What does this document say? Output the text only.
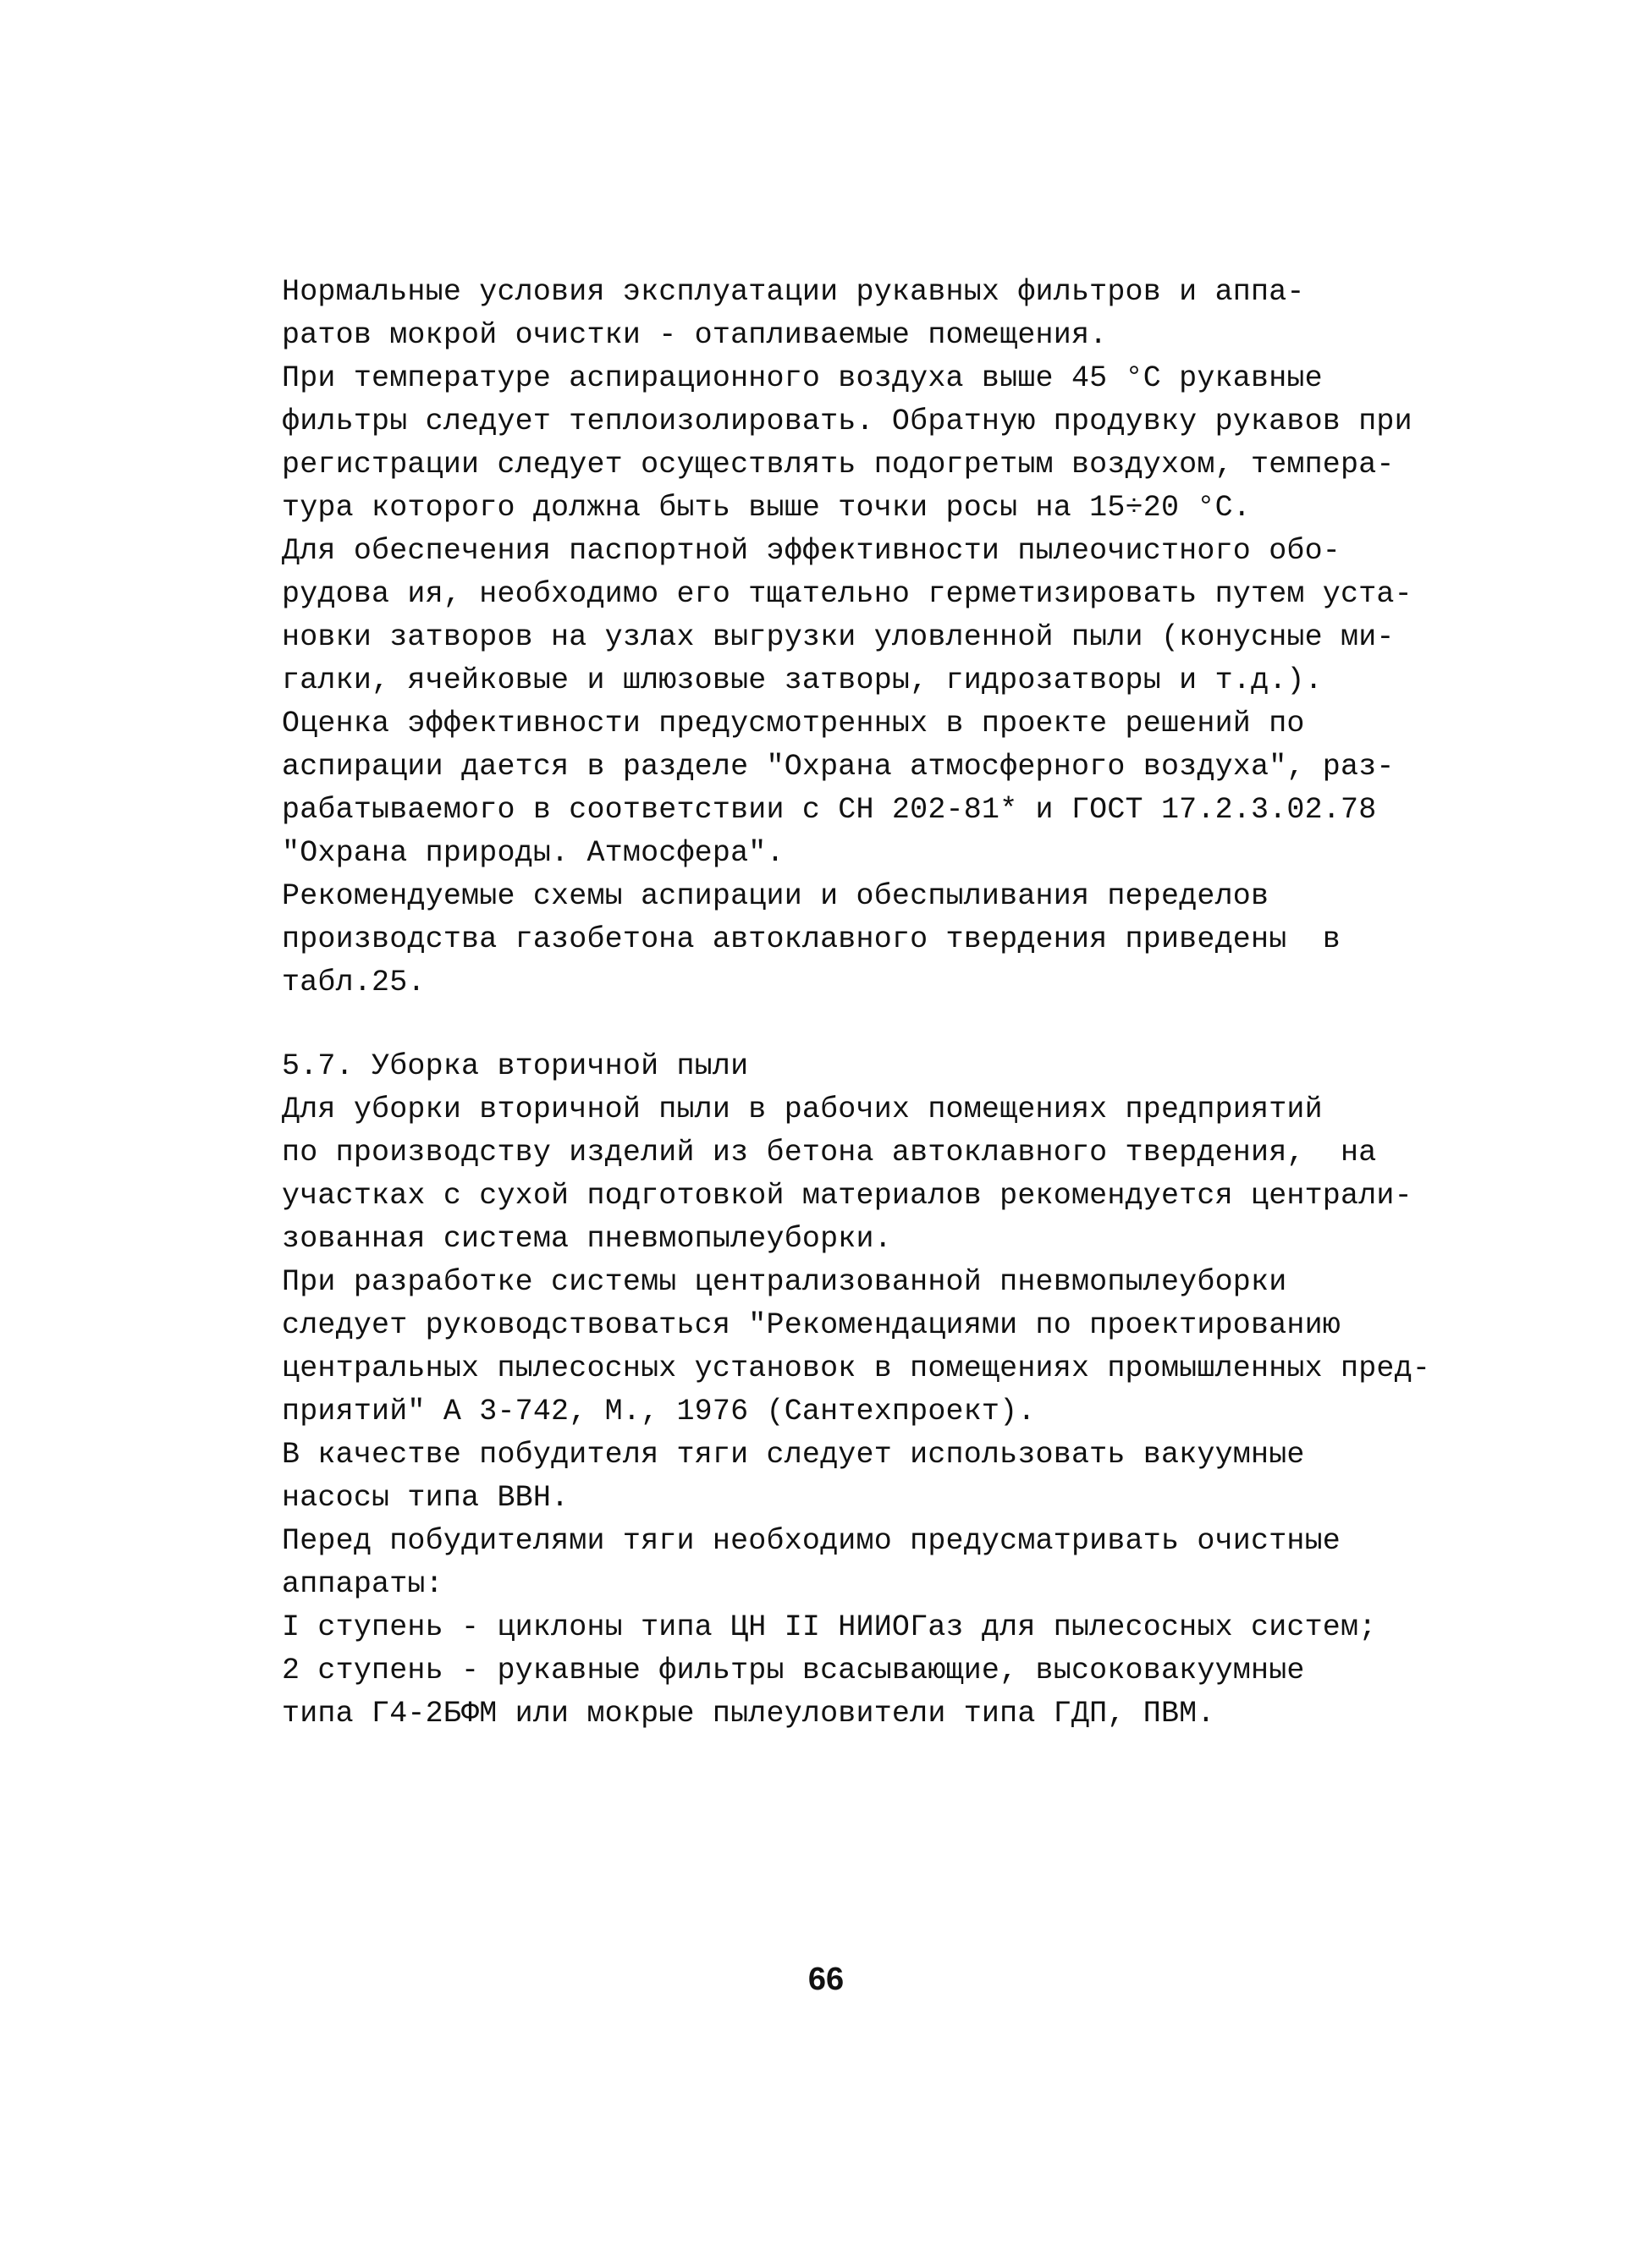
Нормальные условия эксплуатации рукавных фильтров и аппа-
ратов мокрой очистки - отапливаемые помещения.
При температуре аспирационного воздуха выше 45 °С рукавные
фильтры следует теплоизолировать. Обратную продувку рукавов при
регистрации следует осуществлять подогретым воздухом, темпера-
тура которого должна быть выше точки росы на 15÷20 °С.
Для обеспечения паспортной эффективности пылеочистного обо-
рудова ия, необходимо его тщательно герметизировать путем уста-
новки затворов на узлах выгрузки уловленной пыли (конусные ми-
галки, ячейковые и шлюзовые затворы, гидрозатворы и т.д.).
Оценка эффективности предусмотренных в проекте решений по
аспирации дается в разделе "Охрана атмосферного воздуха", раз-
рабатываемого в соответствии с СН 202-81* и ГОСТ 17.2.3.02.78
"Охрана природы. Атмосфера".
Рекомендуемые схемы аспирации и обеспыливания переделов
производства газобетона автоклавного твердения приведены  в
табл.25.
5.7. Уборка вторичной пыли
Для уборки вторичной пыли в рабочих помещениях предприятий
по производству изделий из бетона автоклавного твердения,  на
участках с сухой подготовкой материалов рекомендуется централи-
зованная система пневмопылеуборки.
При разработке системы централизованной пневмопылеуборки
следует руководствоваться "Рекомендациями по проектированию
центральных пылесосных установок в помещениях промышленных пред-
приятий" А 3-742, М., 1976 (Сантехпроект).
В качестве побудителя тяги следует использовать вакуумные
насосы типа ВВН.
Перед побудителями тяги необходимо предусматривать очистные
аппараты:
I ступень - циклоны типа ЦН II НИИОГаз для пылесосных систем;
2 ступень - рукавные фильтры всасывающие, высоковакуумные
типа Г4-2БФМ или мокрые пылеуловители типа ГДП, ПВМ.
66
